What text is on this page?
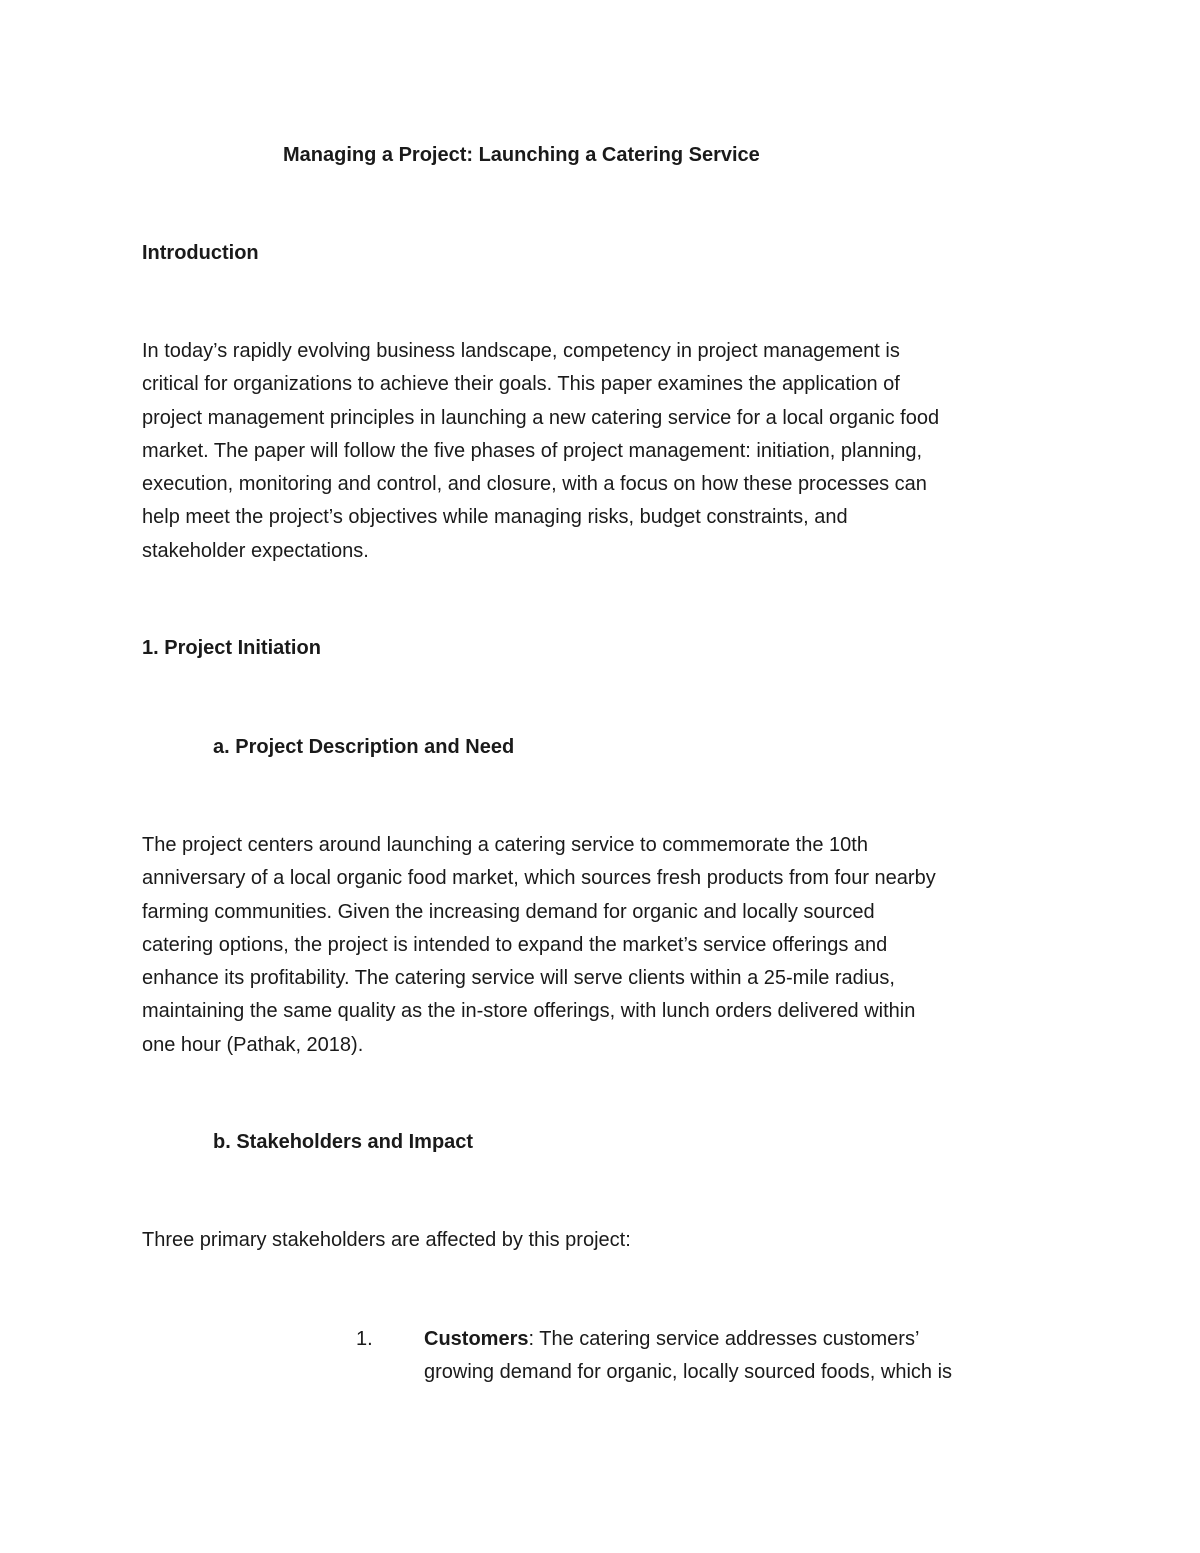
Managing a Project: Launching a Catering Service
Introduction
In today’s rapidly evolving business landscape, competency in project management is
critical for organizations to achieve their goals. This paper examines the application of
project management principles in launching a new catering service for a local organic food
market. The paper will follow the five phases of project management: initiation, planning,
execution, monitoring and control, and closure, with a focus on how these processes can
help meet the project’s objectives while managing risks, budget constraints, and
stakeholder expectations.
1. Project Initiation
a. Project Description and Need
The project centers around launching a catering service to commemorate the 10th
anniversary of a local organic food market, which sources fresh products from four nearby
farming communities. Given the increasing demand for organic and locally sourced
catering options, the project is intended to expand the market’s service offerings and
enhance its profitability. The catering service will serve clients within a 25-mile radius,
maintaining the same quality as the in-store offerings, with lunch orders delivered within
one hour (Pathak, 2018).
b. Stakeholders and Impact
Three primary stakeholders are affected by this project:
1.	Customers: The catering service addresses customers’
growing demand for organic, locally sourced foods, which is
